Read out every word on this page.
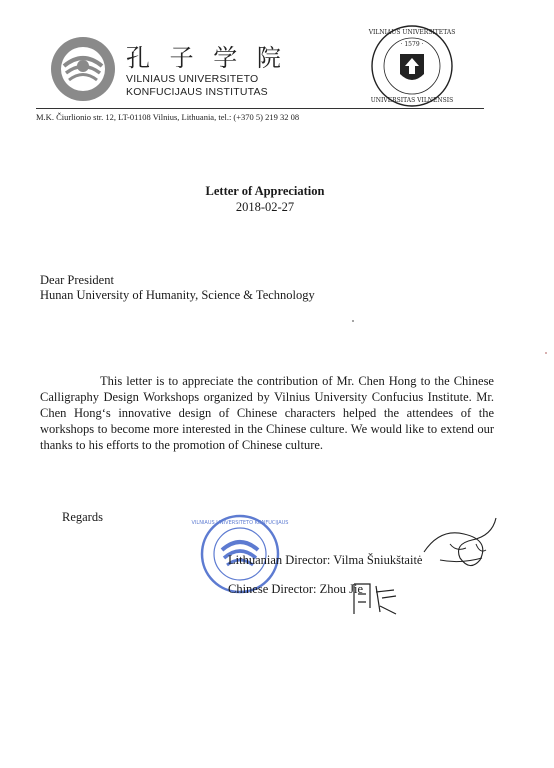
孔 子 学 院
VILNIAUS UNIVERSITETO
KONFUCIJAUS INSTITUTAS
VILNIAUS UNIVERSITETAS
· 1579 ·
UNIVERSITAS VILNENSIS
M.K. Čiurlionio str. 12, LT-01108 Vilnius, Lithuania, tel.: (+370 5) 219 32 08
Letter of Appreciation
2018-02-27
Dear President
Hunan University of Humanity, Science & Technology
This letter is to appreciate the contribution of Mr. Chen Hong to the Chinese Calligraphy Design Workshops organized by Vilnius University Confucius Institute. Mr. Chen Hong‘s innovative design of Chinese characters helped the attendees of the workshops to become more interested in the Chinese culture. We would like to extend our thanks to his efforts to the promotion of Chinese culture.
Regards	VILNIAUS UNIVERSITETO KONFUCIJAUS
Lithuanian Director: Vilma Šniukštaitė
Chinese Director: Zhou Jie
